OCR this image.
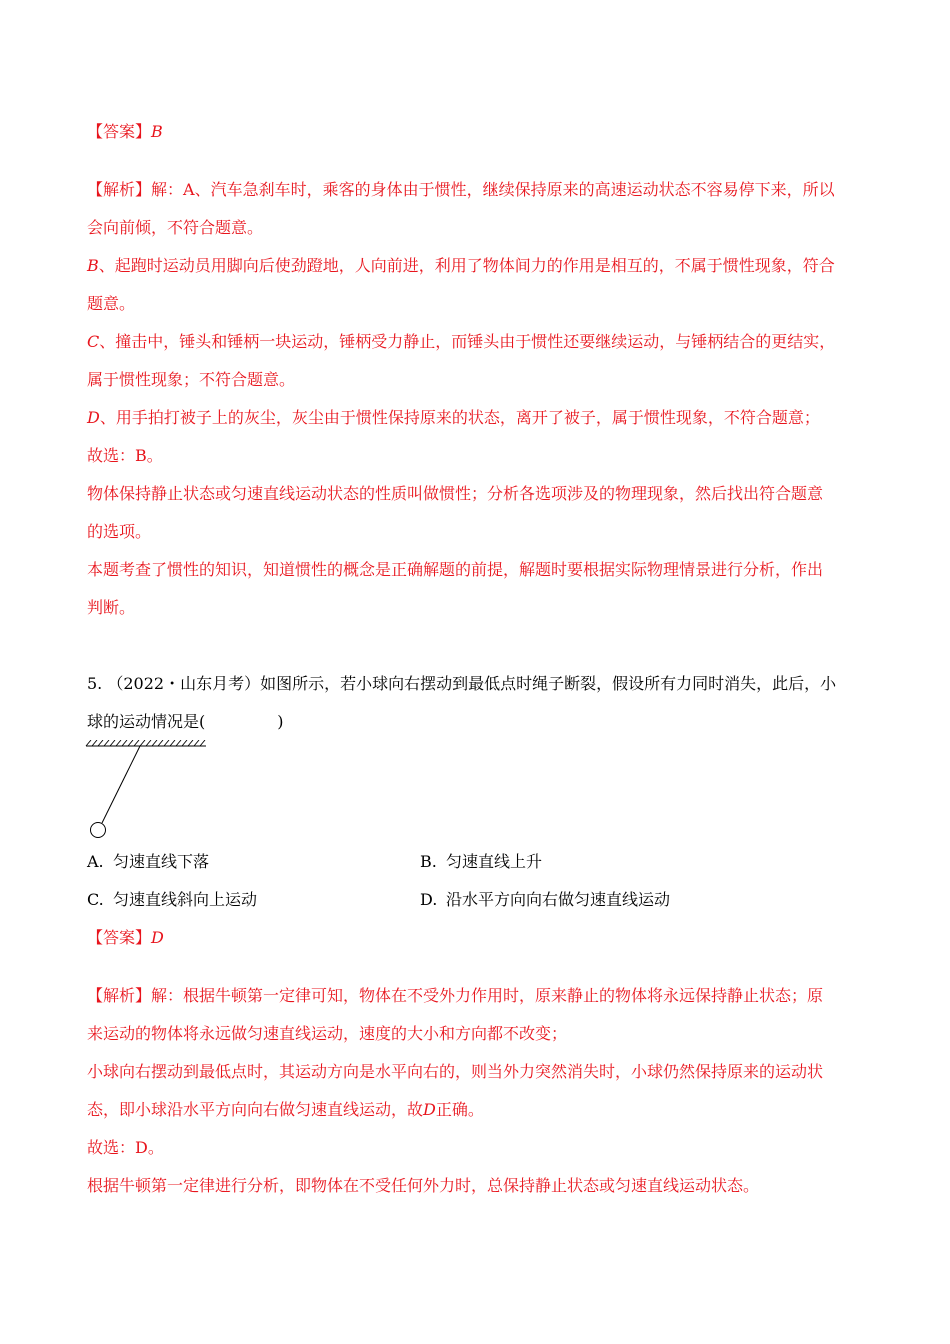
【答案】B
【解析】解：A、汽车急刹车时，乘客的身体由于惯性，继续保持原来的高速运动状态不容易停下来，所以
会向前倾，不符合题意。
B、起跑时运动员用脚向后使劲蹬地，人向前进，利用了物体间力的作用是相互的，不属于惯性现象，符合
题意。
C、撞击中，锤头和锤柄一块运动，锤柄受力静止，而锤头由于惯性还要继续运动，与锤柄结合的更结实，
属于惯性现象；不符合题意。
D、用手拍打被子上的灰尘，灰尘由于惯性保持原来的状态，离开了被子，属于惯性现象，不符合题意；
故选：B。
物体保持静止状态或匀速直线运动状态的性质叫做惯性；分析各选项涉及的物理现象，然后找出符合题意
的选项。
本题考查了惯性的知识，知道惯性的概念是正确解题的前提，解题时要根据实际物理情景进行分析，作出
判断。
5. （2022・山东月考）如图所示，若小球向右摆动到最低点时绳子断裂，假设所有力同时消失，此后，小
球的运动情况是(	)
A. 匀速直线下落	B. 匀速直线上升
C. 匀速直线斜向上运动	D. 沿水平方向向右做匀速直线运动
【答案】D
【解析】解：根据牛顿第一定律可知，物体在不受外力作用时，原来静止的物体将永远保持静止状态；原
来运动的物体将永远做匀速直线运动，速度的大小和方向都不改变；
小球向右摆动到最低点时，其运动方向是水平向右的，则当外力突然消失时，小球仍然保持原来的运动状
态，即小球沿水平方向向右做匀速直线运动，故D正确。
故选：D。
根据牛顿第一定律进行分析，即物体在不受任何外力时，总保持静止状态或匀速直线运动状态。
